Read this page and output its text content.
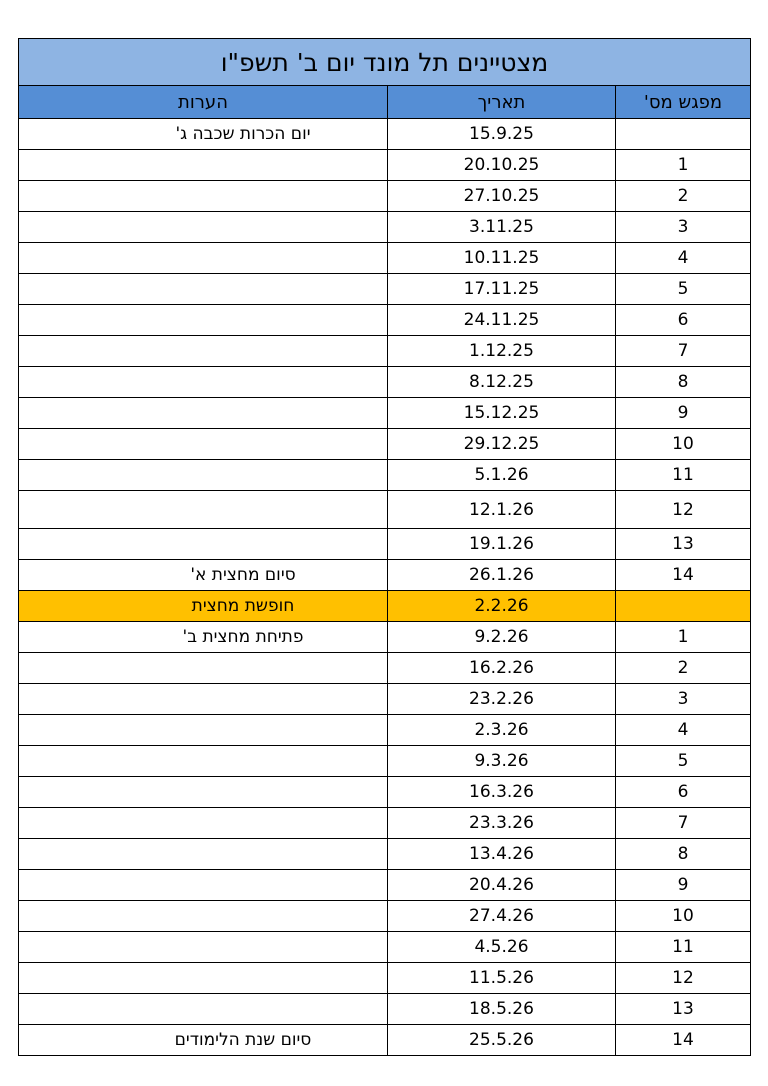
מצטיינים תל מונד יום ב' תשפ"ו		
מפגש מס'	תאריך	הערות
	15.9.25	יום הכרות שכבה ג'
1	20.10.25	
2	27.10.25	
3	3.11.25	
4	10.11.25	
5	17.11.25	
6	24.11.25	
7	1.12.25	
8	8.12.25	
9	15.12.25	
10	29.12.25	
11	5.1.26	
12	12.1.26	
13	19.1.26	
14	26.1.26	סיום מחצית א'
	2.2.26	חופשת מחצית
1	9.2.26	פתיחת מחצית ב'
2	16.2.26	
3	23.2.26	
4	2.3.26	
5	9.3.26	
6	16.3.26	
7	23.3.26	
8	13.4.26	
9	20.4.26	
10	27.4.26	
11	4.5.26	
12	11.5.26	
13	18.5.26	
14	25.5.26	סיום שנת הלימודים
